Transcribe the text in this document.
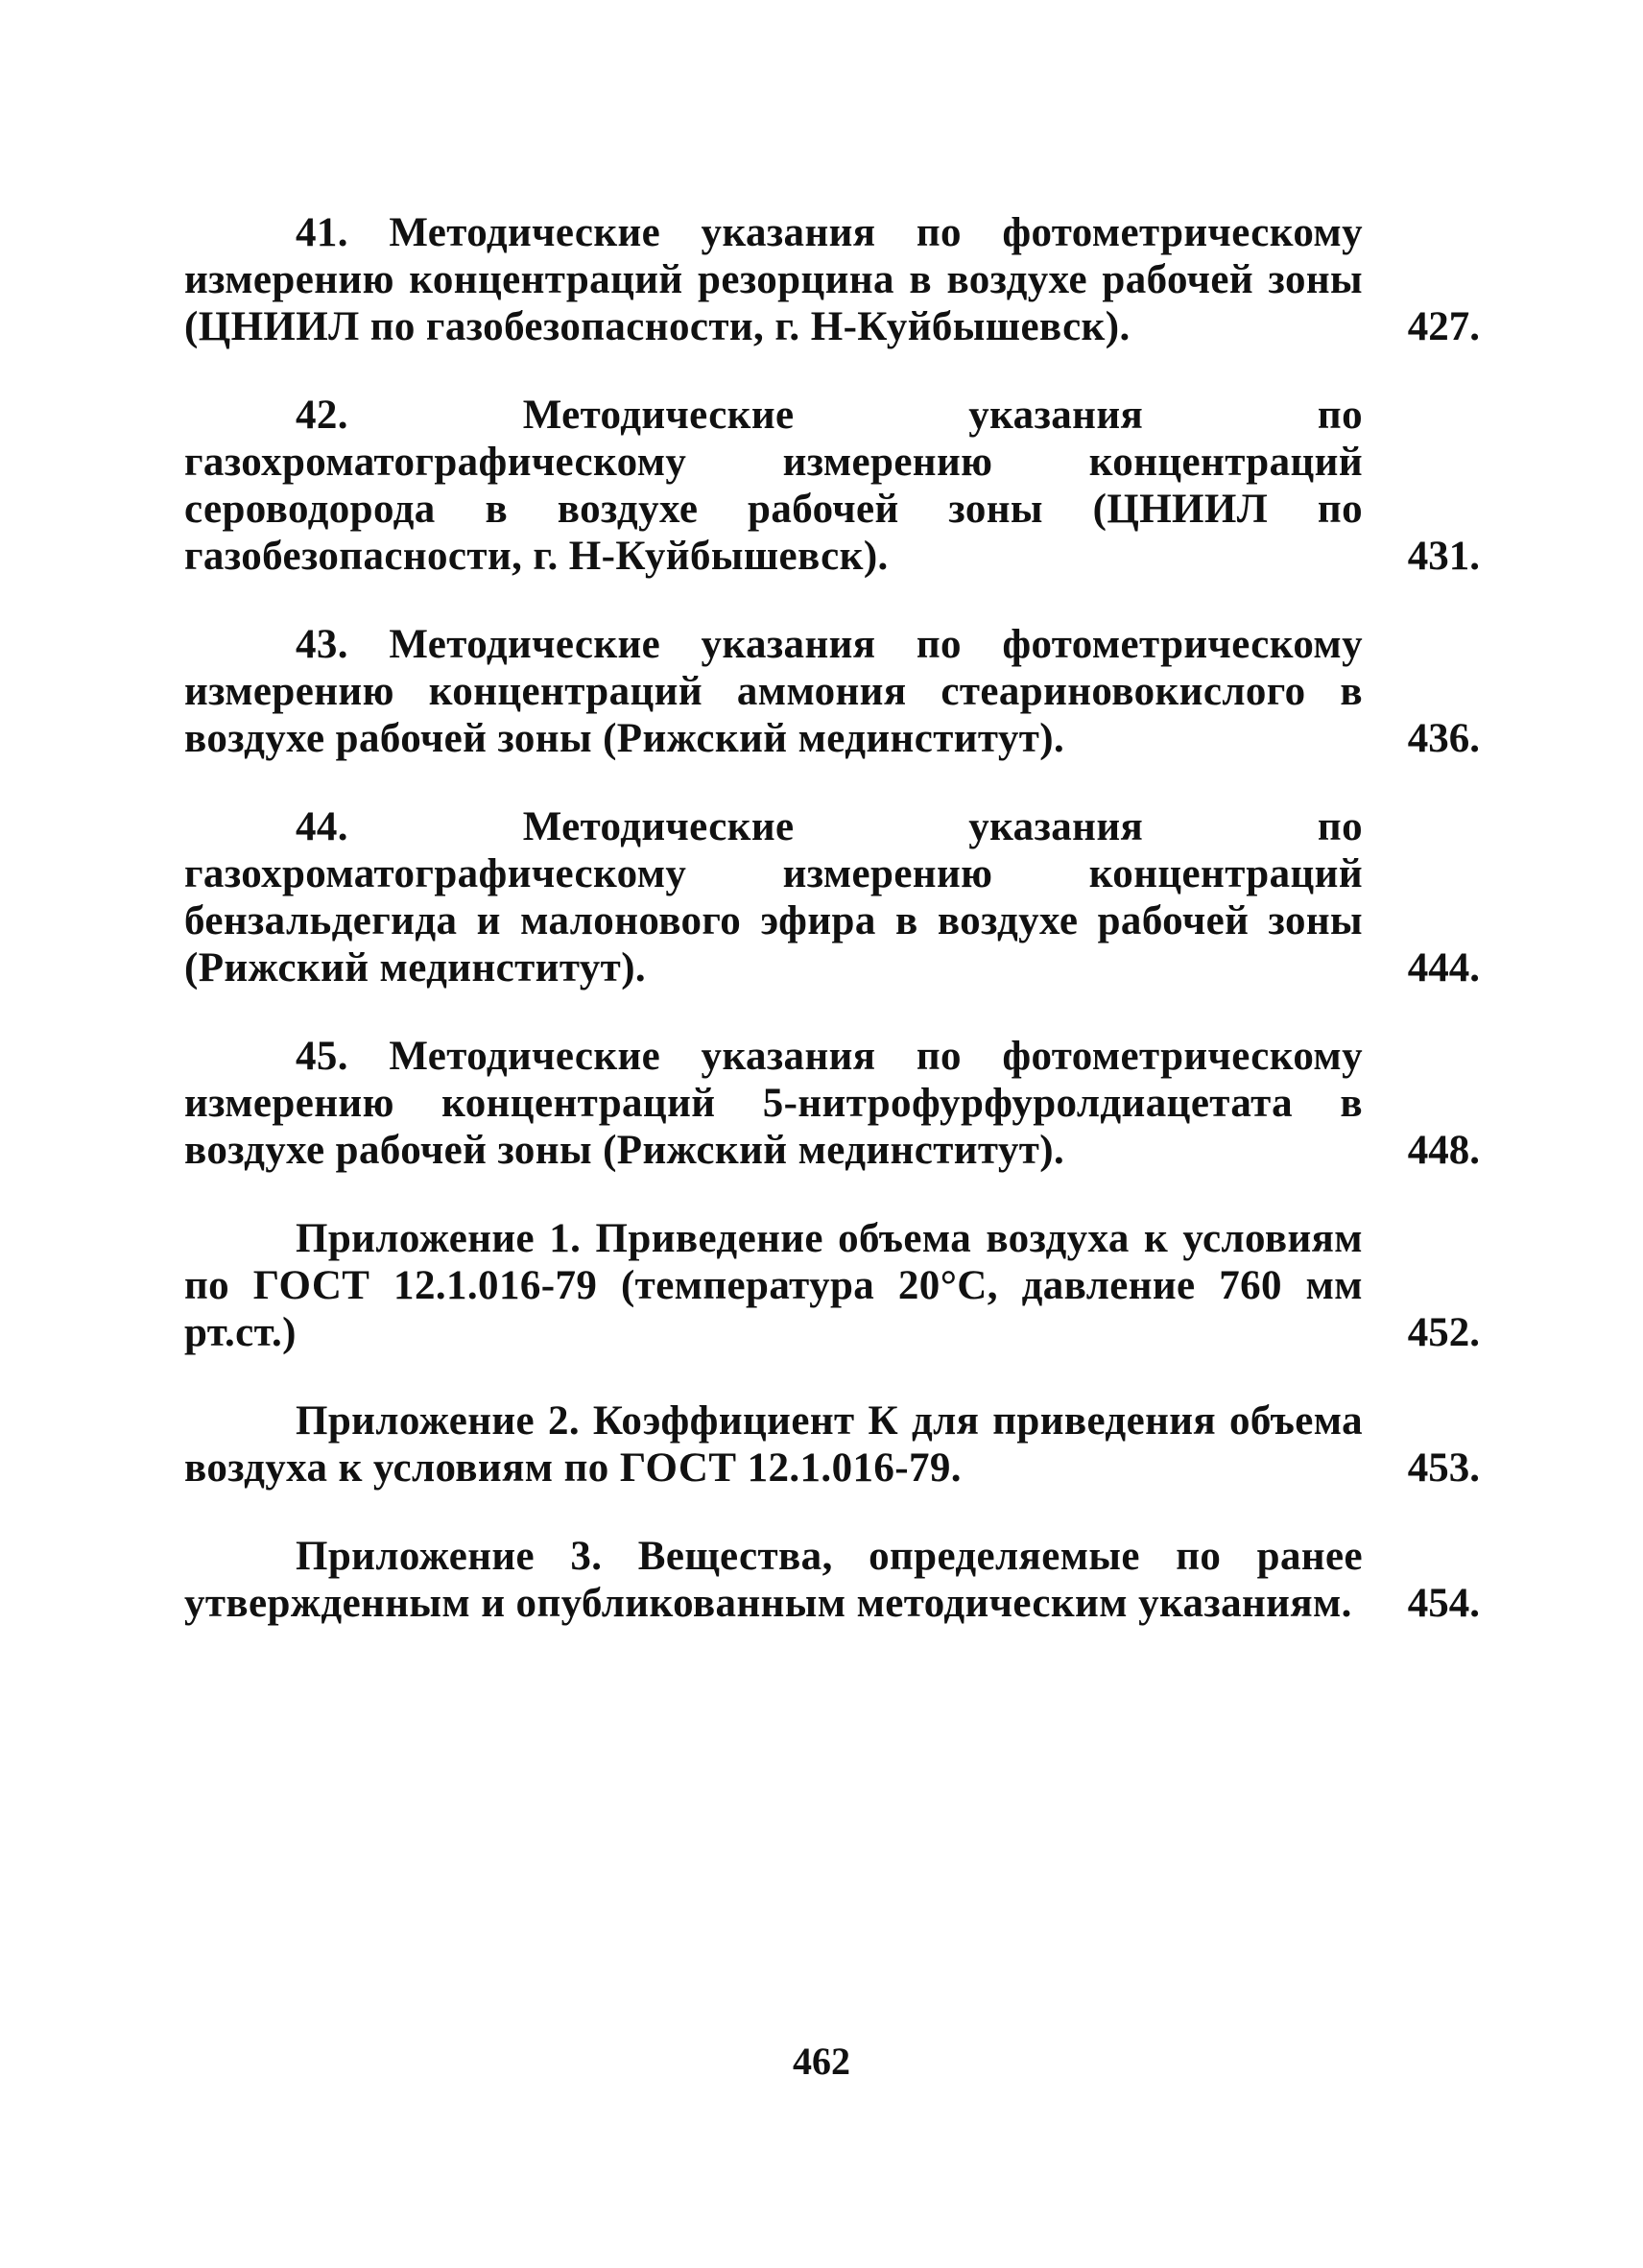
41. Методические указания по фотометрическому измерению концентраций резорцина в воздухе рабочей зоны (ЦНИИЛ по газобезопасности, г. Н-Куйбышевск).	427.
42. Методические указания по газохроматографическому измерению концентраций сероводорода в воздухе рабочей зоны (ЦНИИЛ по газобезопасности, г. Н-Куйбышевск).	431.
43. Методические указания по фотометрическому измерению концентраций аммония стеариновокислого в воздухе рабочей зоны (Рижский мединститут).	436.
44. Методические указания по газохроматографическому измерению концентраций бензальдегида и малонового эфира в воздухе рабочей зоны (Рижский мединститут).	444.
45. Методические указания по фотометрическому измерению концентраций 5-нитрофурфуролдиацетата в воздухе рабочей зоны (Рижский мединститут).	448.
Приложение 1. Приведение объема воздуха к условиям по ГОСТ 12.1.016-79 (температура 20°С, давление 760 мм рт.ст.)	452.
Приложение 2. Коэффициент К для приведения объема воздуха к условиям по ГОСТ 12.1.016-79.	453.
Приложение 3. Вещества, определяемые по ранее утвержденным и опубликованным методическим указаниям. 454.
462
